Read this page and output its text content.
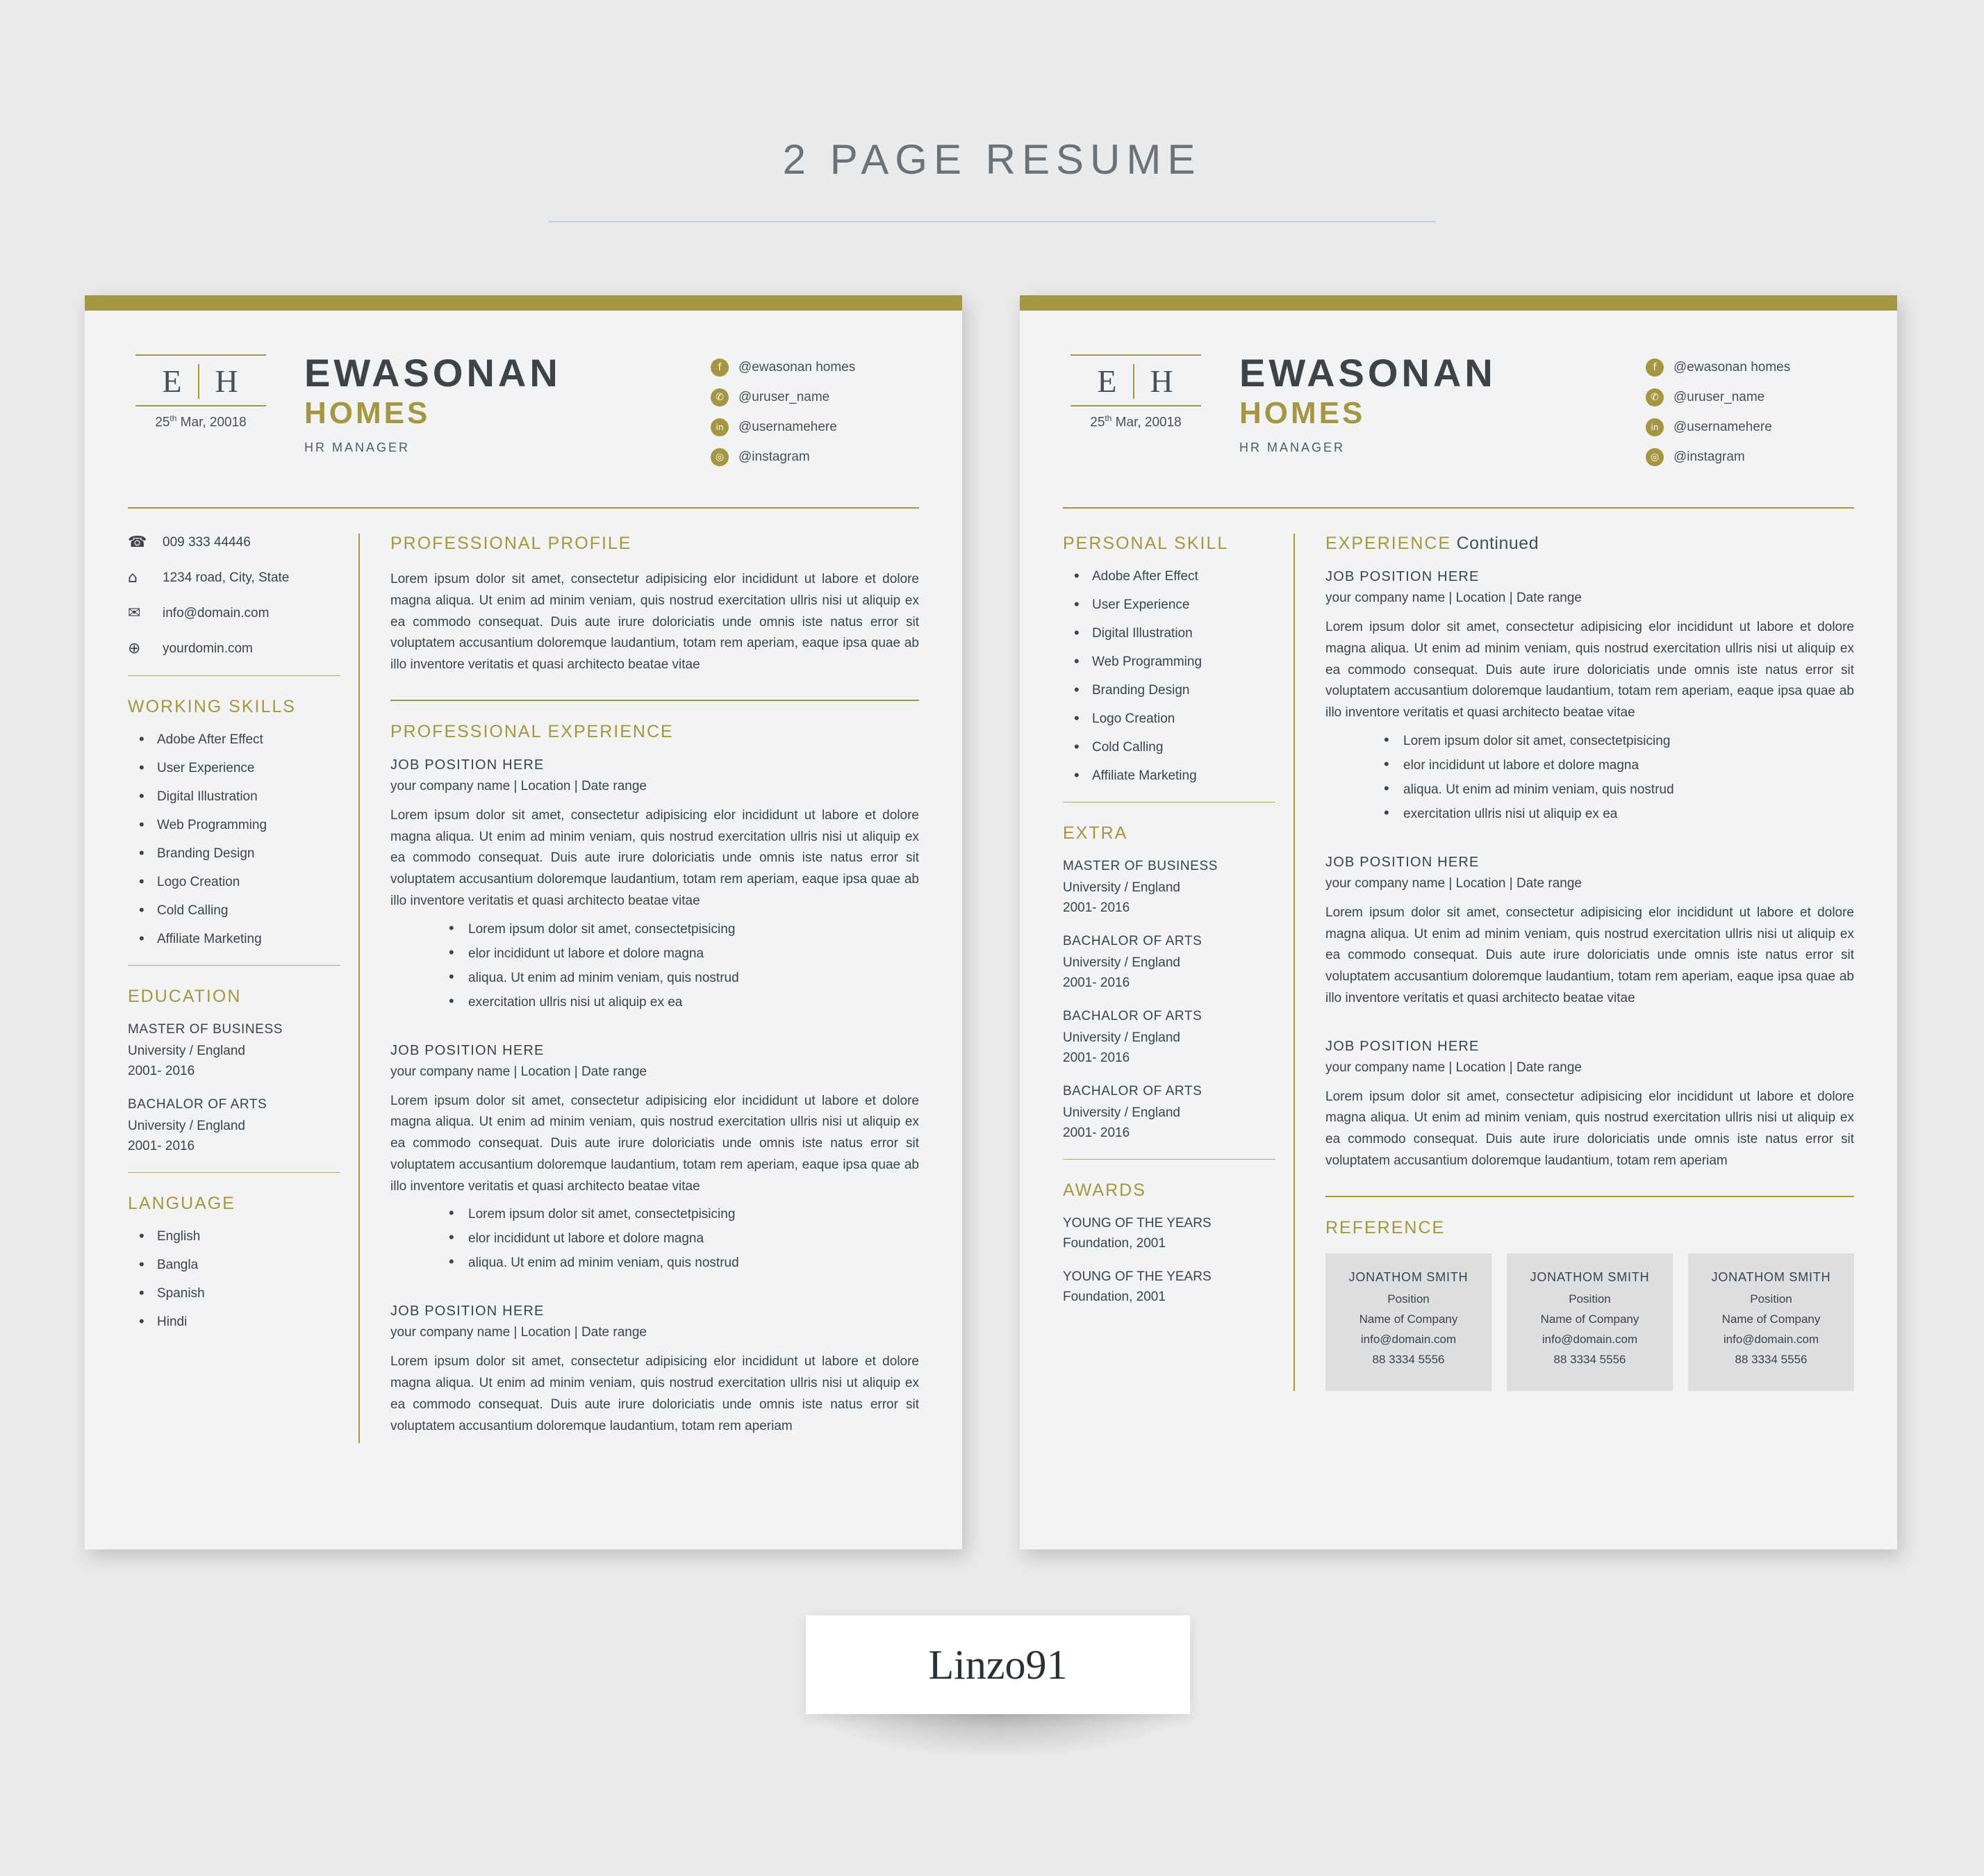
2 PAGE RESUME
E H
25th Mar, 20018
EWASONAN
HOMES
HR MANAGER
f	@ewasonan homes
✆	@uruser_name
in	@usernamehere
◎	@instagram
☎	009 333 44446
⌂	1234 road, City, State
✉	info@domain.com
⊕	yourdomin.com
WORKING SKILLS
• Adobe After Effect
• User Experience
• Digital Illustration
• Web Programming
• Branding Design
• Logo Creation
• Cold Calling
• Affiliate Marketing
EDUCATION
MASTER OF BUSINESS
University / England
2001- 2016
BACHALOR OF ARTS
University / England
2001- 2016
LANGUAGE
• English
• Bangla
• Spanish
• Hindi
PROFESSIONAL PROFILE
Lorem ipsum dolor sit amet, consectetur adipisicing elor incididunt ut labore et dolore magna aliqua. Ut enim ad minim veniam, quis nostrud exercitation ullris nisi ut aliquip ex ea commodo consequat. Duis aute irure doloriciatis unde omnis iste natus error sit voluptatem accusantium doloremque laudantium, totam rem aperiam, eaque ipsa quae ab illo inventore veritatis et quasi architecto beatae vitae
PROFESSIONAL EXPERIENCE
JOB POSITION HERE
your company name | Location | Date range
Lorem ipsum dolor sit amet, consectetur adipisicing elor incididunt ut labore et dolore magna aliqua. Ut enim ad minim veniam, quis nostrud exercitation ullris nisi ut aliquip ex ea commodo consequat. Duis aute irure doloriciatis unde omnis iste natus error sit voluptatem accusantium doloremque laudantium, totam rem aperiam, eaque ipsa quae ab illo inventore veritatis et quasi architecto beatae vitae
• Lorem ipsum dolor sit amet, consectetpisicing
• elor incididunt ut labore et dolore magna
• aliqua. Ut enim ad minim veniam, quis nostrud
• exercitation ullris nisi ut aliquip ex ea
JOB POSITION HERE
your company name | Location | Date range
Lorem ipsum dolor sit amet, consectetur adipisicing elor incididunt ut labore et dolore magna aliqua. Ut enim ad minim veniam, quis nostrud exercitation ullris nisi ut aliquip ex ea commodo consequat. Duis aute irure doloriciatis unde omnis iste natus error sit voluptatem accusantium doloremque laudantium, totam rem aperiam, eaque ipsa quae ab illo inventore veritatis et quasi architecto beatae vitae
• Lorem ipsum dolor sit amet, consectetpisicing
• elor incididunt ut labore et dolore magna
• aliqua. Ut enim ad minim veniam, quis nostrud
JOB POSITION HERE
your company name | Location | Date range
Lorem ipsum dolor sit amet, consectetur adipisicing elor incididunt ut labore et dolore magna aliqua. Ut enim ad minim veniam, quis nostrud exercitation ullris nisi ut aliquip ex ea commodo consequat. Duis aute irure doloriciatis unde omnis iste natus error sit voluptatem accusantium doloremque laudantium, totam rem aperiam
E H
25th Mar, 20018
EWASONAN
HOMES
HR MANAGER
f	@ewasonan homes
✆	@uruser_name
in	@usernamehere
◎	@instagram
PERSONAL SKILL
• Adobe After Effect
• User Experience
• Digital Illustration
• Web Programming
• Branding Design
• Logo Creation
• Cold Calling
• Affiliate Marketing
EXTRA
MASTER OF BUSINESS
University / England
2001- 2016
BACHALOR OF ARTS
University / England
2001- 2016
BACHALOR OF ARTS
University / England
2001- 2016
BACHALOR OF ARTS
University / England
2001- 2016
AWARDS
YOUNG OF THE YEARS
Foundation, 2001
YOUNG OF THE YEARS
Foundation, 2001
EXPERIENCE Continued
JOB POSITION HERE
your company name | Location | Date range
Lorem ipsum dolor sit amet, consectetur adipisicing elor incididunt ut labore et dolore magna aliqua. Ut enim ad minim veniam, quis nostrud exercitation ullris nisi ut aliquip ex ea commodo consequat. Duis aute irure doloriciatis unde omnis iste natus error sit voluptatem accusantium doloremque laudantium, totam rem aperiam, eaque ipsa quae ab illo inventore veritatis et quasi architecto beatae vitae
• Lorem ipsum dolor sit amet, consectetpisicing
• elor incididunt ut labore et dolore magna
• aliqua. Ut enim ad minim veniam, quis nostrud
• exercitation ullris nisi ut aliquip ex ea
JOB POSITION HERE
your company name | Location | Date range
Lorem ipsum dolor sit amet, consectetur adipisicing elor incididunt ut labore et dolore magna aliqua. Ut enim ad minim veniam, quis nostrud exercitation ullris nisi ut aliquip ex ea commodo consequat. Duis aute irure doloriciatis unde omnis iste natus error sit voluptatem accusantium doloremque laudantium, totam rem aperiam, eaque ipsa quae ab illo inventore veritatis et quasi architecto beatae vitae
JOB POSITION HERE
your company name | Location | Date range
Lorem ipsum dolor sit amet, consectetur adipisicing elor incididunt ut labore et dolore magna aliqua. Ut enim ad minim veniam, quis nostrud exercitation ullris nisi ut aliquip ex ea commodo consequat. Duis aute irure doloriciatis unde omnis iste natus error sit voluptatem accusantium doloremque laudantium, totam rem aperiam
REFERENCE
JONATHOM SMITH
Position
Name of Company
info@domain.com
88 3334 5556
JONATHOM SMITH
Position
Name of Company
info@domain.com
88 3334 5556
JONATHOM SMITH
Position
Name of Company
info@domain.com
88 3334 5556
Linzo91
